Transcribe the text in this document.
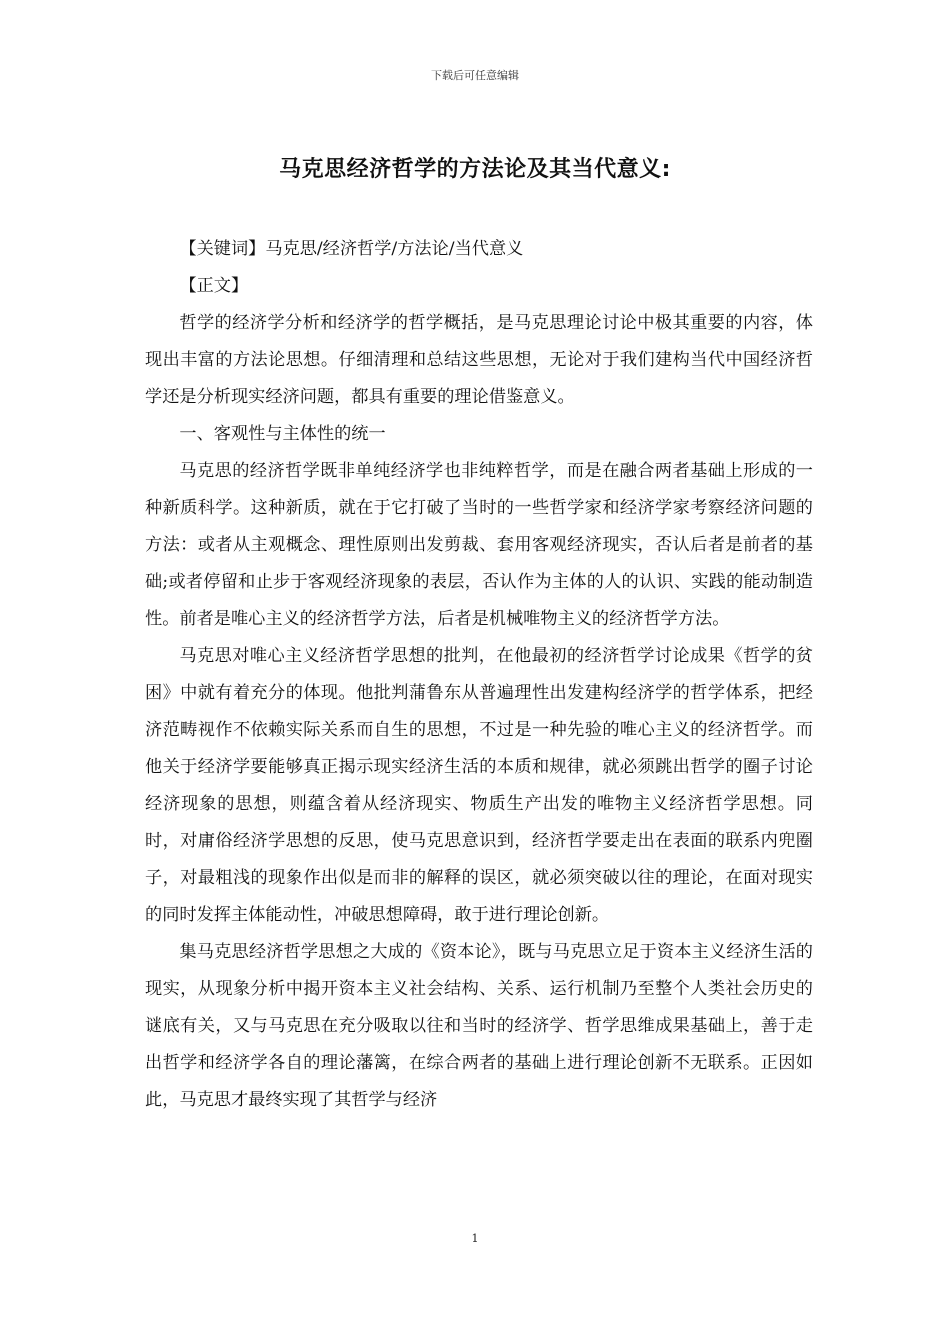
下载后可任意编辑
马克思经济哲学的方法论及其当代意义:

【关键词】马克思/经济哲学/方法论/当代意义

【正文】

哲学的经济学分析和经济学的哲学概括，是马克思理论讨论中极其重要的内容，体现出丰富的方法论思想。仔细清理和总结这些思想，无论对于我们建构当代中国经济哲学还是分析现实经济问题，都具有重要的理论借鉴意义。

一、客观性与主体性的统一

马克思的经济哲学既非单纯经济学也非纯粹哲学，而是在融合两者基础上形成的一种新质科学。这种新质，就在于它打破了当时的一些哲学家和经济学家考察经济问题的方法：或者从主观概念、理性原则出发剪裁、套用客观经济现实，否认后者是前者的基础;或者停留和止步于客观经济现象的表层，否认作为主体的人的认识、实践的能动制造性。前者是唯心主义的经济哲学方法，后者是机械唯物主义的经济哲学方法。

马克思对唯心主义经济哲学思想的批判，在他最初的经济哲学讨论成果《哲学的贫困》中就有着充分的体现。他批判蒲鲁东从普遍理性出发建构经济学的哲学体系，把经济范畴视作不依赖实际关系而自生的思想，不过是一种先验的唯心主义的经济哲学。而他关于经济学要能够真正揭示现实经济生活的本质和规律，就必须跳出哲学的圈子讨论经济现象的思想，则蕴含着从经济现实、物质生产出发的唯物主义经济哲学思想。同时，对庸俗经济学思想的反思，使马克思意识到，经济哲学要走出在表面的联系内兜圈子，对最粗浅的现象作出似是而非的解释的误区，就必须突破以往的理论，在面对现实的同时发挥主体能动性，冲破思想障碍，敢于进行理论创新。

集马克思经济哲学思想之大成的《资本论》，既与马克思立足于资本主义经济生活的现实，从现象分析中揭开资本主义社会结构、关系、运行机制乃至整个人类社会历史的谜底有关，又与马克思在充分吸取以往和当时的经济学、哲学思维成果基础上，善于走出哲学和经济学各自的理论藩篱，在综合两者的基础上进行理论创新不无联系。正因如此，马克思才最终实现了其哲学与经济

1
